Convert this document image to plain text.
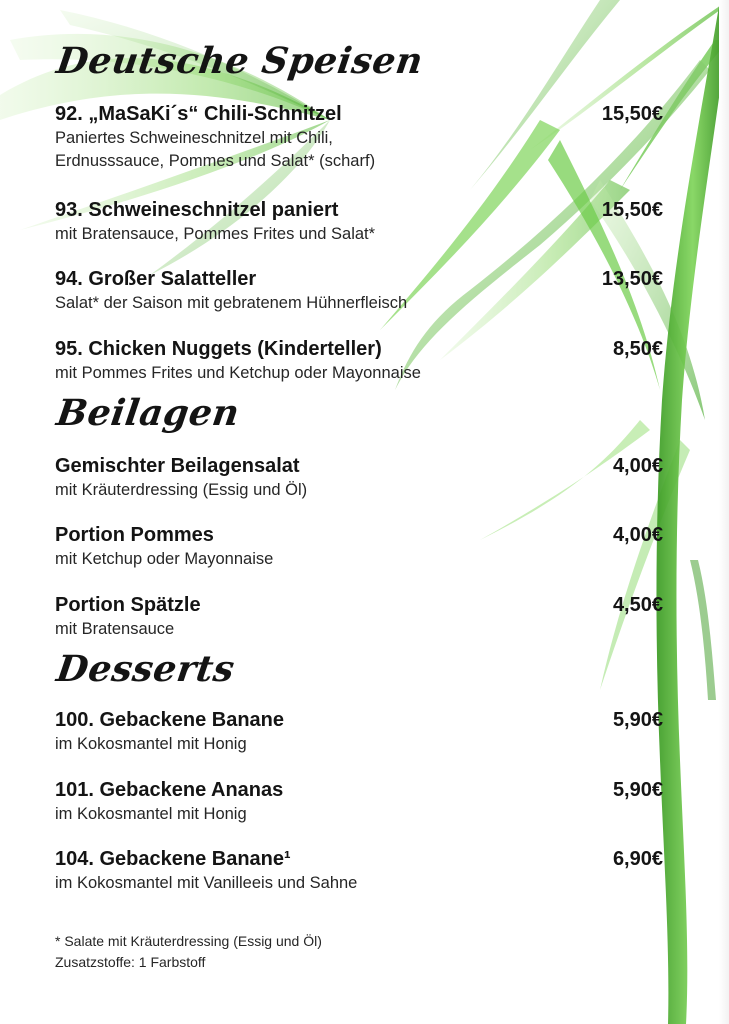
Deutsche Speisen
92. „MaSaKi´s“ Chili-Schnitzel	15,50€
Paniertes Schweineschnitzel mit Chili,
Erdnusssauce, Pommes und Salat* (scharf)
93. Schweineschnitzel paniert	15,50€
mit Bratensauce, Pommes Frites und Salat*
94. Großer Salatteller	13,50€
Salat* der Saison mit gebratenem Hühnerfleisch
95. Chicken Nuggets (Kinderteller)	8,50€
mit Pommes Frites und Ketchup oder Mayonnaise
Beilagen
Gemischter Beilagensalat	4,00€
mit Kräuterdressing (Essig und Öl)
Portion Pommes	4,00€
mit Ketchup oder Mayonnaise
Portion Spätzle	4,50€
mit Bratensauce
Desserts
100. Gebackene Banane	5,90€
im Kokosmantel mit Honig
101. Gebackene Ananas	5,90€
im Kokosmantel mit Honig
104. Gebackene Banane¹	6,90€
im Kokosmantel mit Vanilleeis und Sahne
* Salate mit Kräuterdressing (Essig und Öl)
Zusatzstoffe: 1 Farbstoff
